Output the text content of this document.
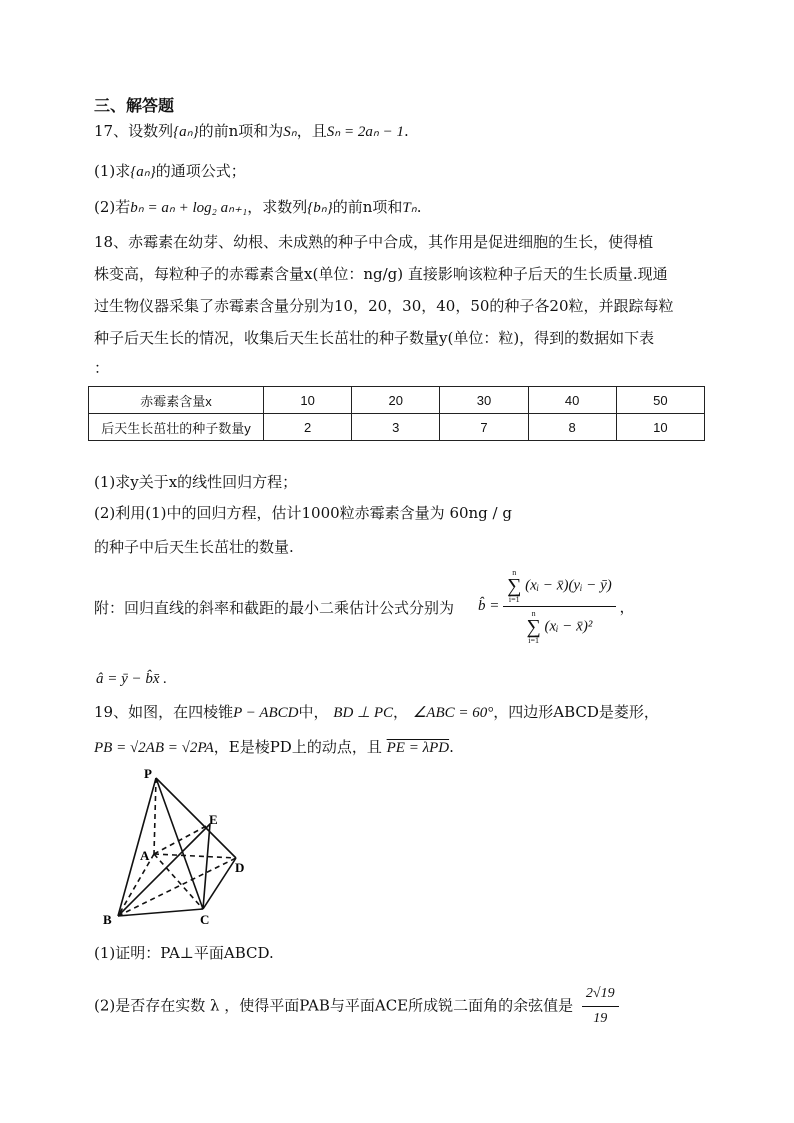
三、解答题
17、设数列{aₙ}的前n项和为Sₙ，且Sₙ = 2aₙ − 1.
(1)求{aₙ}的通项公式；
(2)若bₙ = aₙ + log₂ aₙ₊₁，求数列{bₙ}的前n项和Tₙ.
18、赤霉素在幼芽、幼根、未成熟的种子中合成，其作用是促进细胞的生长，使得植
株变高，每粒种子的赤霉素含量x(单位：ng/g) 直接影响该粒种子后天的生长质量.现通
过生物仪器采集了赤霉素含量分别为10，20，30，40，50的种子各20粒，并跟踪每粒
种子后天生长的情况，收集后天生长茁壮的种子数量y(单位：粒)，得到的数据如下表
：
赤霉素含量x	10	20	30	40	50
后天生长茁壮的种子数量y	2	3	7	8	10
(1)求y关于x的线性回归方程；
(2)利用(1)中的回归方程，估计1000粒赤霉素含量为 60ng / g
的种子中后天生长茁壮的数量.
附：回归直线的斜率和截距的最小二乘估计公式分别为 b̂ = n
∑
i=1
(xᵢ − x̄)(yᵢ − ȳ)
n
∑
i=1
(xᵢ − x̄)² ，
â = ȳ − b̂x̄ .
19、如图，在四棱锥P − ABCD中， BD ⊥ PC， ∠ABC = 60°，四边形ABCD是菱形，
PB = √2AB = √2PA，E是棱PD上的动点，且 PE = λPD.
P
E
A
D
B	C
(1)证明：PA⊥平面ABCD.
(2)是否存在实数 λ ，使得平面PAB与平面ACE所成锐二面角的余弦值是 $\frac{2√19}{19}$
